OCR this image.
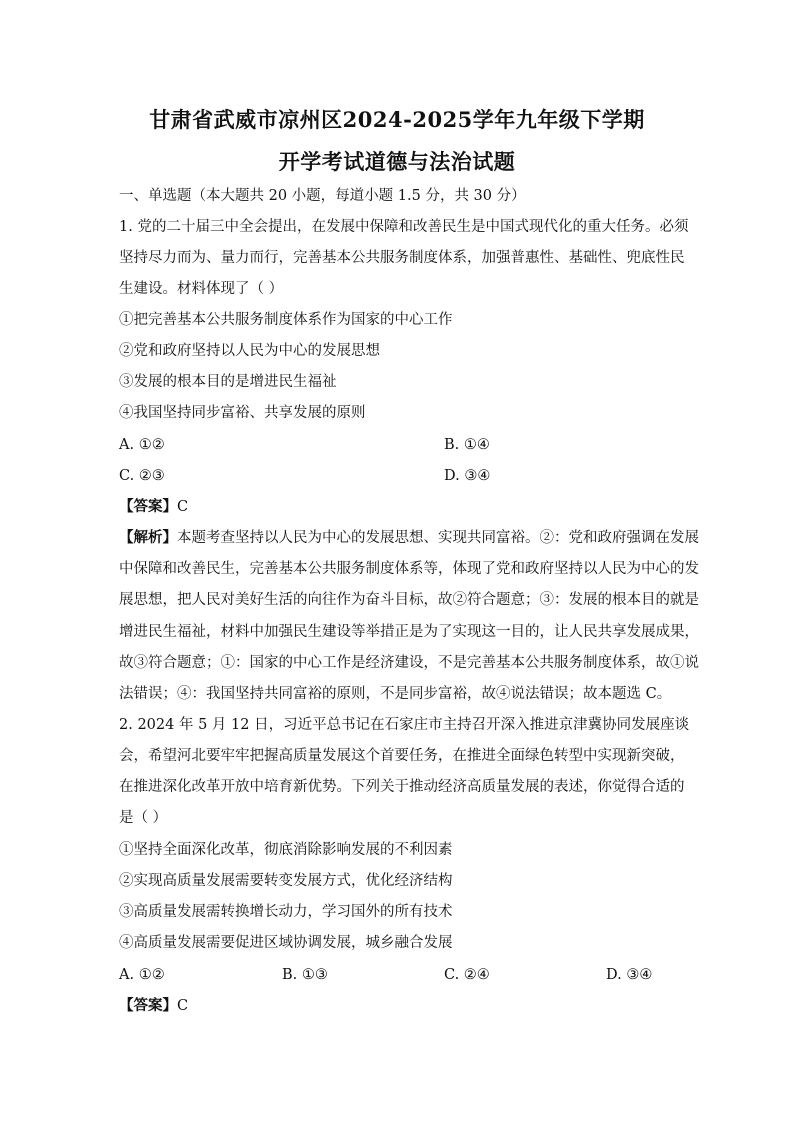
甘肃省武威市凉州区2024-2025学年九年级下学期
开学考试道德与法治试题
一、单选题（本大题共 20 小题，每道小题 1.5 分，共 30 分）
1. 党的二十届三中全会提出，在发展中保障和改善民生是中国式现代化的重大任务。必须
坚持尽力而为、量力而行，完善基本公共服务制度体系，加强普惠性、基础性、兜底性民
生建设。材料体现了（ ）
①把完善基本公共服务制度体系作为国家的中心工作
②党和政府坚持以人民为中心的发展思想
③发展的根本目的是增进民生福祉
④我国坚持同步富裕、共享发展的原则
A. ①②	B. ①④
C. ②③	D. ③④
【答案】C
【解析】本题考查坚持以人民为中心的发展思想、实现共同富裕。②：党和政府强调在发展
中保障和改善民生，完善基本公共服务制度体系等，体现了党和政府坚持以人民为中心的发
展思想，把人民对美好生活的向往作为奋斗目标，故②符合题意；③：发展的根本目的就是
增进民生福祉，材料中加强民生建设等举措正是为了实现这一目的，让人民共享发展成果，
故③符合题意；①：国家的中心工作是经济建设，不是完善基本公共服务制度体系，故①说
法错误；④：我国坚持共同富裕的原则，不是同步富裕，故④说法错误；故本题选 C。
2. 2024 年 5 月 12 日，习近平总书记在石家庄市主持召开深入推进京津冀协同发展座谈
会，希望河北要牢牢把握高质量发展这个首要任务，在推进全面绿色转型中实现新突破，
在推进深化改革开放中培育新优势。下列关于推动经济高质量发展的表述，你觉得合适的
是（ ）
①坚持全面深化改革，彻底消除影响发展的不利因素
②实现高质量发展需要转变发展方式，优化经济结构
③高质量发展需转换增长动力，学习国外的所有技术
④高质量发展需要促进区域协调发展，城乡融合发展
A. ①②	B. ①③	C. ②④	D. ③④
【答案】C
